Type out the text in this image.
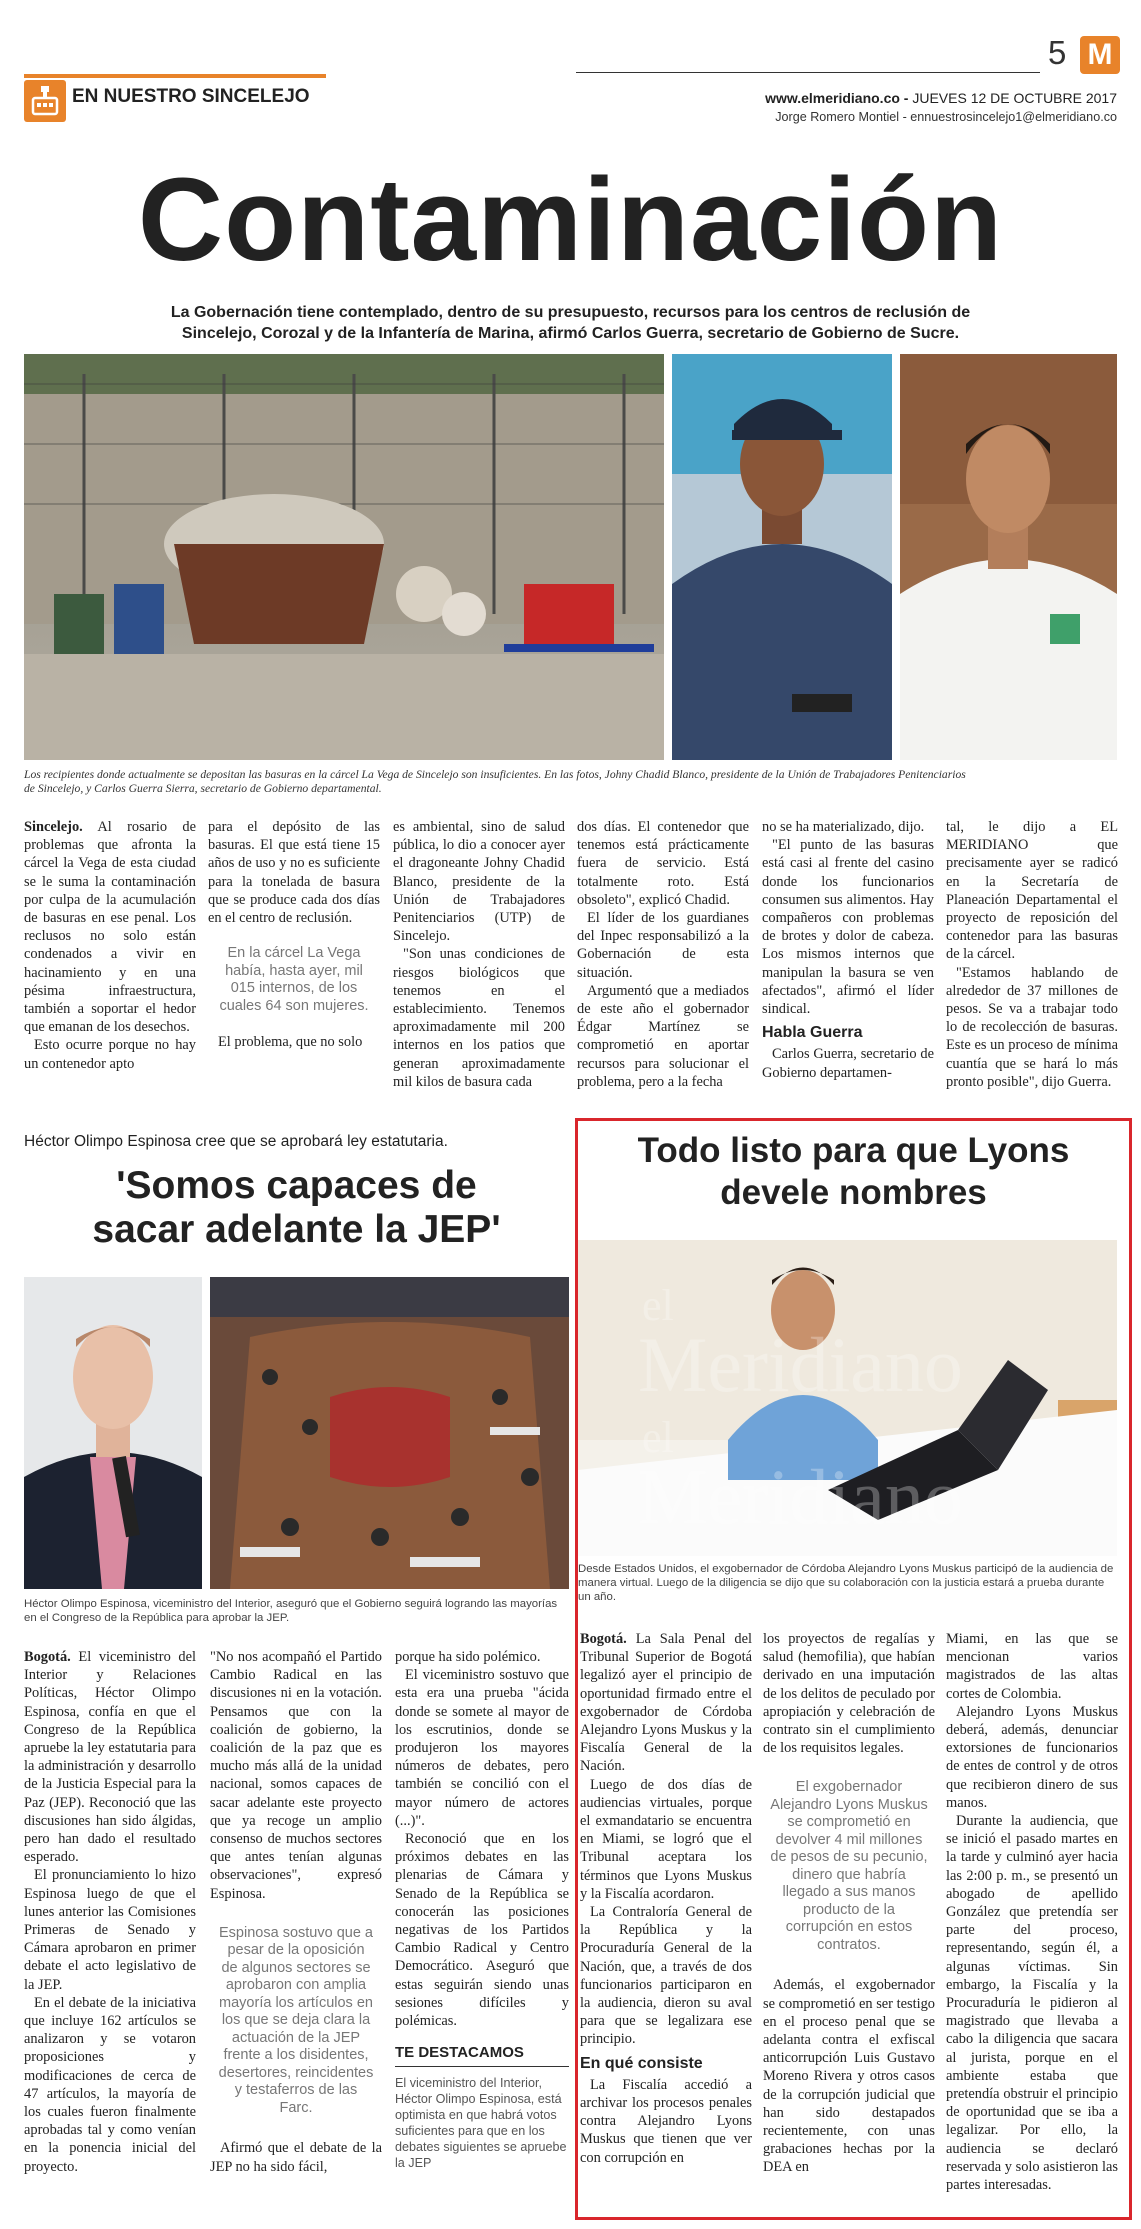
EN NUESTRO SINCELEJO
5 M
www.elmeridiano.co - JUEVES 12 DE OCTUBRE 2017
Jorge Romero Montiel - ennuestrosincelejo1@elmeridiano.co
Contaminación
La Gobernación tiene contemplado, dentro de su presupuesto, recursos para los centros de reclusión de
Sincelejo, Corozal y de la Infantería de Marina, afirmó Carlos Guerra, secretario de Gobierno de Sucre.
Los recipientes donde actualmente se depositan las basuras en la cárcel La Vega de Sincelejo son insuficientes. En las fotos, Johny Chadid Blanco, presidente de la Unión de Trabajadores Penitenciarios
de Sincelejo, y Carlos Guerra Sierra, secretario de Gobierno departamental.

Sincelejo. Al rosario de problemas que afronta la cárcel la Vega de esta ciudad se le suma la contaminación por culpa de la acumulación de basuras en ese penal. Los reclusos no solo están condenados a vivir en hacinamiento y en una pésima infraestructura, también a soportar el hedor que emanan de los desechos.

Esto ocurre porque no hay un contenedor apto

para el depósito de las basuras. El que está tiene 15 años de uso y no es suficiente para la tonelada de basura que se produce cada dos días en el centro de reclusión.

En la cárcel La Vega había, hasta ayer, mil 015 internos, de los cuales 64 son mujeres.

El problema, que no solo

es ambiental, sino de salud pública, lo dio a conocer ayer el dragoneante Johny Chadid Blanco, presidente de la Unión de Trabajadores Penitenciarios (UTP) de Sincelejo.

"Son unas condiciones de riesgos biológicos que tenemos en el establecimiento. Tenemos aproximadamente mil 200 internos en los patios que generan aproximadamente mil kilos de basura cada

dos días. El contenedor que tenemos está prácticamente fuera de servicio. Está totalmente roto. Está obsoleto", explicó Chadid.

El líder de los guardianes del Inpec responsabilizó a la Gobernación de esta situación.

Argumentó que a mediados de este año el gobernador Édgar Martínez se comprometió en aportar recursos para solucionar el problema, pero a la fecha

no se ha materializado, dijo.

"El punto de las basuras está casi al frente del casino donde los funcionarios consumen sus alimentos. Hay compañeros con problemas de brotes y dolor de cabeza. Los mismos internos que manipulan la basura se ven afectados", afirmó el líder sindical.

Habla Guerra

Carlos Guerra, secretario de Gobierno departamen-

tal, le dijo a EL MERIDIANO que precisamente ayer se radicó en la Secretaría de Planeación Departamental el proyecto de reposición del contenedor para las basuras de la cárcel.

"Estamos hablando de alrededor de 37 millones de pesos. Se va a trabajar todo lo de recolección de basuras. Este es un proceso de mínima cuantía que se hará lo más pronto posible", dijo Guerra.

Héctor Olimpo Espinosa cree que se aprobará ley estatutaria.
'Somos capaces de
sacar adelante la JEP'
Héctor Olimpo Espinosa, viceministro del Interior, aseguró que el Gobierno seguirá logrando las mayorías en el Congreso de la República para aprobar la JEP.

Bogotá. El viceministro del Interior y Relaciones Políticas, Héctor Olimpo Espinosa, confía en que el Congreso de la República apruebe la ley estatutaria para la administración y desarrollo de la Justicia Especial para la Paz (JEP). Reconoció que las discusiones han sido álgidas, pero han dado el resultado esperado.

El pronunciamiento lo hizo Espinosa luego de que el lunes anterior las Comisiones Primeras de Senado y Cámara aprobaron en primer debate el acto legislativo de la JEP.

En el debate de la iniciativa que incluye 162 artículos se analizaron y se votaron proposiciones y modificaciones de cerca de 47 artículos, la mayoría de los cuales fueron finalmente aprobadas tal y como venían en la ponencia inicial del proyecto.

"No nos acompañó el Partido Cambio Radical en las discusiones ni en la votación. Pensamos que con la coalición de gobierno, la coalición de la paz que es mucho más allá de la unidad nacional, somos capaces de sacar adelante este proyecto que ya recoge un amplio consenso de muchos sectores que antes tenían algunas observaciones", expresó Espinosa.

Espinosa sostuvo que a pesar de la oposición de algunos sectores se aprobaron con amplia mayoría los artículos en los que se deja clara la actuación de la JEP frente a los disidentes, desertores, reincidentes y testaferros de las Farc.

Afirmó que el debate de la JEP no ha sido fácil,

porque ha sido polémico.

El viceministro sostuvo que esta era una prueba "ácida donde se somete al mayor de los escrutinios, donde se produjeron los mayores números de debates, pero también se concilió con el mayor número de actores (...)".

Reconoció que en los próximos debates en las plenarias de Cámara y Senado de la República se conocerán las posiciones negativas de los Partidos Cambio Radical y Centro Democrático. Aseguró que estas seguirán siendo unas sesiones difíciles y polémicas.

TE DESTACAMOS
El viceministro del Interior, Héctor Olimpo Espinosa, está optimista en que habrá votos suficientes para que en los debates siguientes se apruebe la JEP
Todo listo para que Lyons
devele nombres
el
Meridiano
el
Meridiano
Desde Estados Unidos, el exgobernador de Córdoba Alejandro Lyons Muskus participó de la audiencia de manera virtual. Luego de la diligencia se dijo que su colaboración con la justicia estará a prueba durante un año.

Bogotá. La Sala Penal del Tribunal Superior de Bogotá legalizó ayer el principio de oportunidad firmado entre el exgobernador de Córdoba Alejandro Lyons Muskus y la Fiscalía General de la Nación.

Luego de dos días de audiencias virtuales, porque el exmandatario se encuentra en Miami, se logró que el Tribunal aceptara los términos que Lyons Muskus y la Fiscalía acordaron.

La Contraloría General de la República y la Procuraduría General de la Nación, que, a través de dos funcionarios participaron en la audiencia, dieron su aval para que se legalizara ese principio.

En qué consiste

La Fiscalía accedió a archivar los procesos penales contra Alejandro Lyons Muskus que tienen que ver con corrupción en

los proyectos de regalías y salud (hemofilia), que habían derivado en una imputación de los delitos de peculado por apropiación y celebración de contrato sin el cumplimiento de los requisitos legales.

El exgobernador Alejandro Lyons Muskus se comprometió en devolver 4 mil millones de pesos de su pecunio, dinero que habría llegado a sus manos producto de la corrupción en estos contratos.

Además, el exgobernador se comprometió en ser testigo en el proceso penal que se adelanta contra el exfiscal anticorrupción Luis Gustavo Moreno Rivera y otros casos de la corrupción judicial que han sido destapados recientemente, con unas grabaciones hechas por la DEA en

Miami, en las que se mencionan varios magistrados de las altas cortes de Colombia.

Alejandro Lyons Muskus deberá, además, denunciar extorsiones de funcionarios de entes de control y de otros que recibieron dinero de sus manos.

Durante la audiencia, que se inició el pasado martes en la tarde y culminó ayer hacia las 2:00 p. m., se presentó un abogado de apellido González que pretendía ser parte del proceso, representando, según él, a algunas víctimas. Sin embargo, la Fiscalía y la Procuraduría le pidieron al magistrado que llevaba a cabo la diligencia que sacara al jurista, porque en el ambiente estaba que pretendía obstruir el principio de oportunidad que se iba a legalizar. Por ello, la audiencia se declaró reservada y solo asistieron las partes interesadas.
